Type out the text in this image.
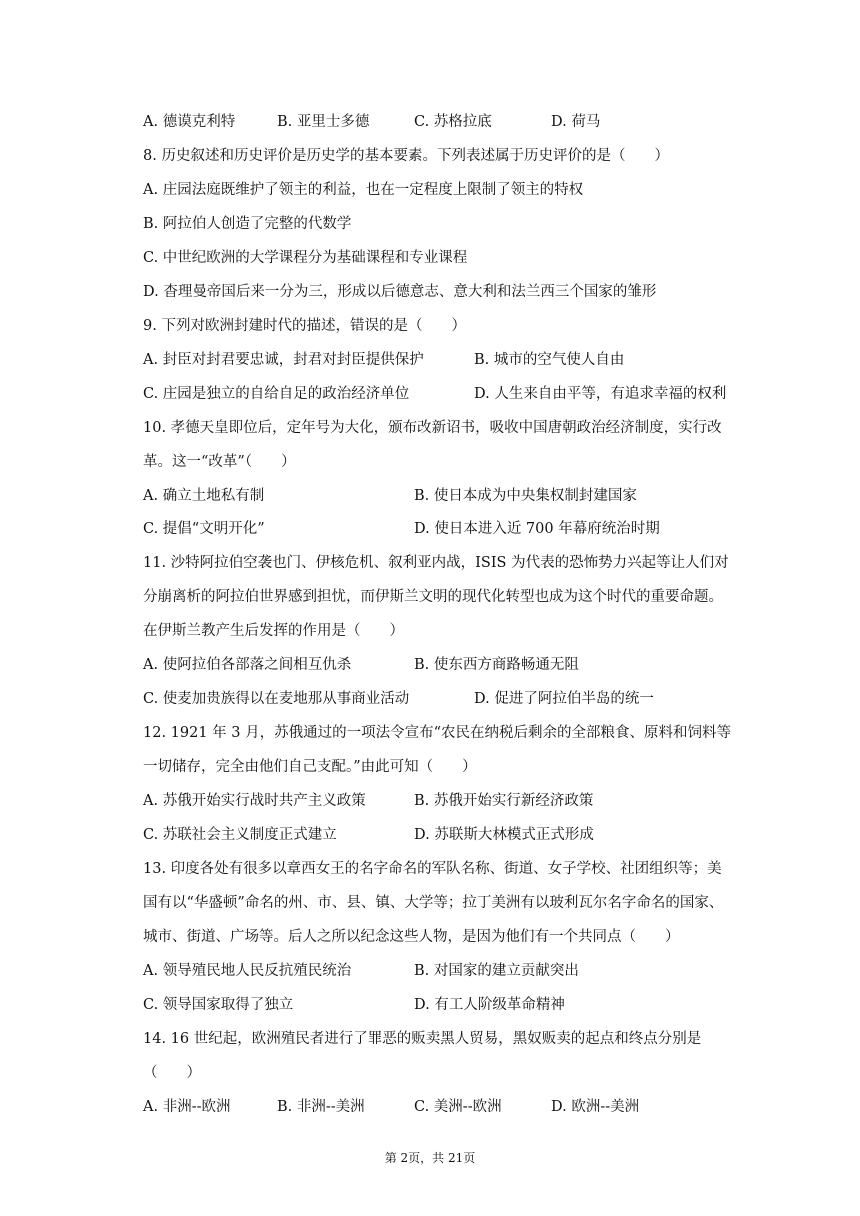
A. 德谟克利特	B. 亚里士多德	C. 苏格拉底	D. 荷马
8. 历史叙述和历史评价是历史学的基本要素。下列表述属于历史评价的是（　　）
A. 庄园法庭既维护了领主的利益，也在一定程度上限制了领主的特权
B. 阿拉伯人创造了完整的代数学
C. 中世纪欧洲的大学课程分为基础课程和专业课程
D. 杳理曼帝国后来一分为三，形成以后德意志、意大利和法兰西三个国家的雏形
9. 下列对欧洲封建时代的描述，错误的是（　　）
A. 封臣对封君要忠诚，封君对封臣提供保护	B. 城市的空气使人自由
C. 庄园是独立的自给自足的政治经济单位	D. 人生来自由平等，有追求幸福的权利
10. 孝德天皇即位后，定年号为大化，颁布改新诏书，吸收中国唐朝政治经济制度，实行改
革。这一“改革”（　　）
A. 确立土地私有制	B. 使日本成为中央集权制封建国家
C. 提倡“文明开化”	D. 使日本进入近 700 年幕府统治时期
11. 沙特阿拉伯空袭也门、伊核危机、叙利亚内战，ISIS 为代表的恐怖势力兴起等让人们对
分崩离析的阿拉伯世界感到担忧，而伊斯兰文明的现代化转型也成为这个时代的重要命题。
在伊斯兰教产生后发挥的作用是（　　）
A. 使阿拉伯各部落之间相互仇杀	B. 使东西方商路畅通无阻
C. 使麦加贵族得以在麦地那从事商业活动	D. 促进了阿拉伯半岛的统一
12. 1921 年 3 月，苏俄通过的一项法令宣布“农民在纳税后剩余的全部粮食、原料和饲料等
一切储存，完全由他们自己支配。”由此可知（　　）
A. 苏俄开始实行战时共产主义政策	B. 苏俄开始实行新经济政策
C. 苏联社会主义制度正式建立	D. 苏联斯大林模式正式形成
13. 印度各处有很多以章西女王的名字命名的军队名称、街道、女子学校、社团组织等；美
国有以“华盛顿”命名的州、市、县、镇、大学等；拉丁美洲有以玻利瓦尔名字命名的国家、
城市、街道、广场等。后人之所以纪念这些人物，是因为他们有一个共同点（　　）
A. 领导殖民地人民反抗殖民统治	B. 对国家的建立贡献突出
C. 领导国家取得了独立	D. 有工人阶级革命精神
14. 16 世纪起，欧洲殖民者进行了罪恶的贩卖黑人贸易，黑奴贩卖的起点和终点分别是
（　　）
A. 非洲--欧洲	B. 非洲--美洲	C. 美洲--欧洲	D. 欧洲--美洲
第 2页，共 21页
